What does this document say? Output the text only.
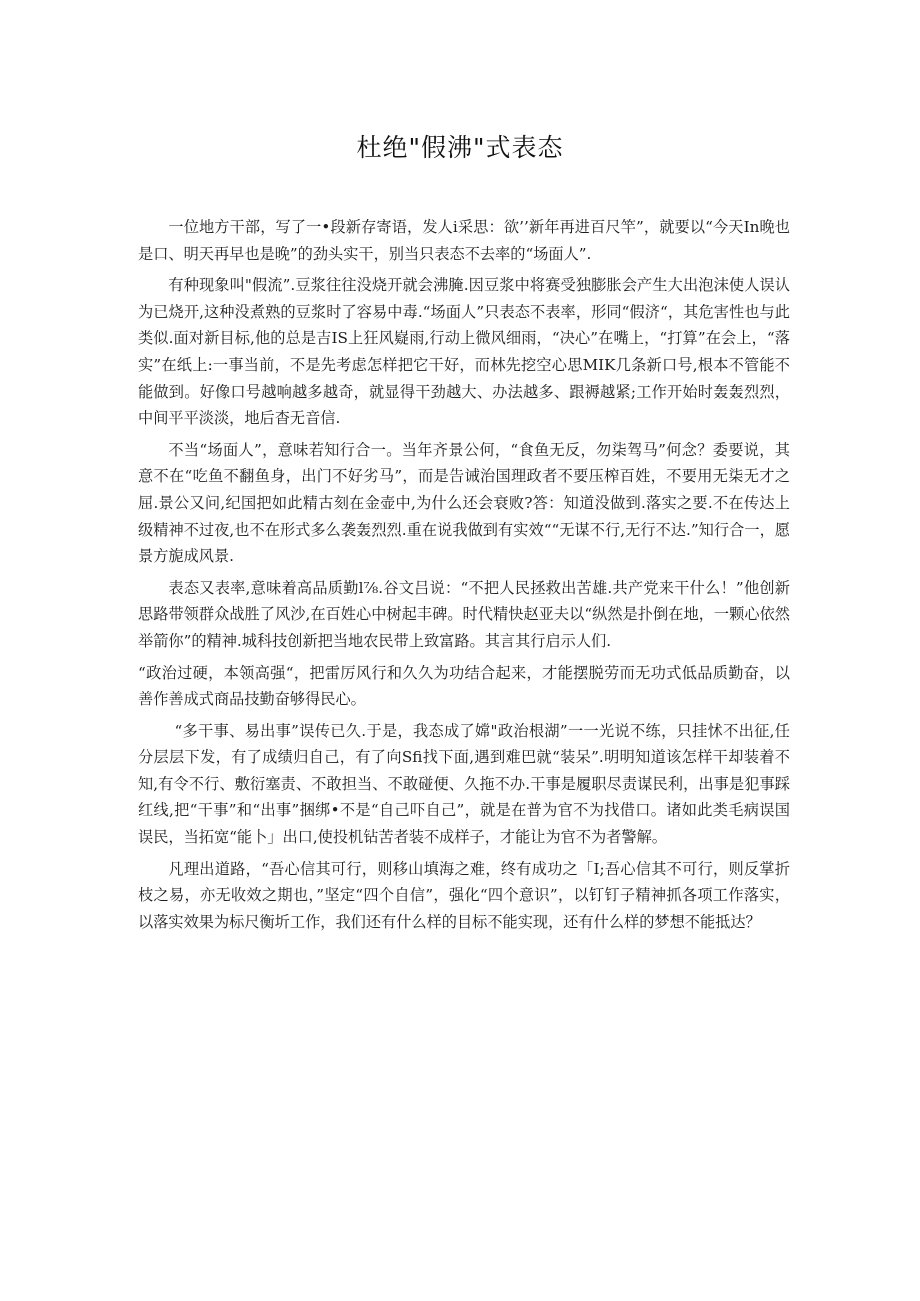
杜绝"假沸"式表态

一位地方干部，写了一•段新存寄语，发人i采思：欲’’新年再进百尺竿”，就要以“今天In晚也是口、明天再早也是晚”的劲头实干，别当只表态不去率的“场面人”.

有种现象叫"假流”.豆浆往往没烧开就会沸腌.因豆浆中将赛受独膨胀会产生大出泡沫使人误认为已烧开,这种没煮熟的豆浆时了容易中毒.“场面人”只表态不表率，形同“假济“，其危害性也与此类似.面对新目标,他的总是吉IS上狂风嶷雨,行动上微风细雨，“决心”在嘴上，“打算”在会上，“落实”在纸上:一事当前，不是先考虑怎样把它干好，而林先挖空心思MIK几条新口号,根本不管能不能做到。好像口号越响越多越奇，就显得干劲越大、办法越多、跟褥越紧;工作开始时轰轰烈烈，中间平平淡淡，地后杳无音信.

不当“场面人”，意味若知行合一。当年齐景公何，“食鱼无反，勿柒驾马”何念？委要说，其意不在“吃鱼不翻鱼身，出门不好劣马”，而是告诫治国理政者不要压榨百姓，不要用无柒无才之屈.景公又问,纪国把如此精古刻在金壶中,为什么还会衰败?答：知道没做到.落实之要.不在传达上级精神不过夜,也不在形式多么袭轰烈烈.重在说我做到有实效““无谋不行,无行不达.”知行合一，愿景方旎成风景.

表态又表率,意味着高品质勤l⅞.谷文吕说：“不把人民拯救出苦雄.共产党来干什么！”他创新思路带领群众战胜了风沙,在百姓心中树起丰碑。时代精快赵亚夫以“纵然是扑倒在地，一颗心依然举箭你”的精神.城科技创新把当地农民带上致富路。其言其行启示人们.

“政治过硬，本领高强“，把雷厉风行和久久为功结合起来，才能摆脱劳而无功式低品质勤奋，以善作善成式商品技勤奋够得民心。

“多干事、易出事”误传已久.于是，我态成了嫦"政治根湖”一一光说不练，只挂怵不出征,任分层层下发，有了成绩归自己，有了向Sfi找下面,遇到难巴就“装呆”.明明知道该怎样干却装着不知,有令不行、敷衍塞责、不敢担当、不敢碰便、久拖不办.干事是履职尽责谋民利，出事是犯事踩红线,把“干事”和“出事”捆绑•不是“自己吓自己”，就是在普为官不为找借口。诸如此类毛病误国误民，当拓宽“能卜」出口,使投机钻苦者装不成样子，才能让为官不为者警解。

凡理出道路，“吾心信其可行，则移山填海之难，终有成功之「I;吾心信其不可行，则反掌折枝之易，亦无收效之期也，”坚定“四个自信”，强化“四个意识”，以钉钉子精神抓各项工作落实，以落实效果为标尺衡圻工作，我们还有什么样的目标不能实现，还有什么样的梦想不能抵达？
